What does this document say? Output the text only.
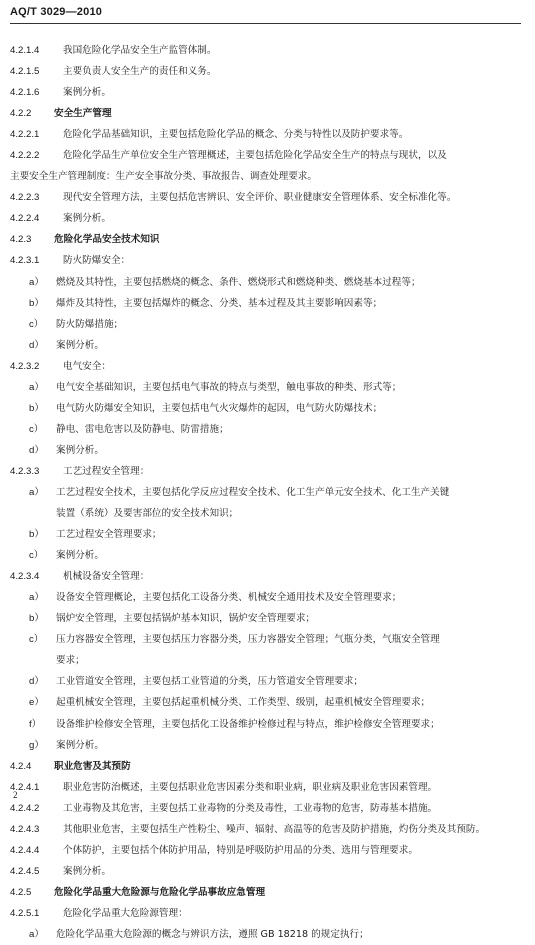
AQ/T 3029—2010
4.2.1.4 我国危险化学品安全生产监管体制。
4.2.1.5 主要负责人安全生产的责任和义务。
4.2.1.6 案例分析。
4.2.2 安全生产管理
4.2.2.1 危险化学品基础知识，主要包括危险化学品的概念、分类与特性以及防护要求等。
4.2.2.2 危险化学品生产单位安全生产管理概述，主要包括危险化学品安全生产的特点与现状，以及
主要安全生产管理制度：生产安全事故分类、事故报告、调查处理要求。
4.2.2.3 现代安全管理方法，主要包括危害辨识、安全评价、职业健康安全管理体系、安全标准化等。
4.2.2.4 案例分析。
4.2.3 危险化学品安全技术知识
4.2.3.1 防火防爆安全：
a） 燃烧及其特性，主要包括燃烧的概念、条件、燃烧形式和燃烧种类、燃烧基本过程等；
b） 爆炸及其特性，主要包括爆炸的概念、分类、基本过程及其主要影响因素等；
c） 防火防爆措施；
d） 案例分析。
4.2.3.2 电气安全：
a） 电气安全基础知识，主要包括电气事故的特点与类型，触电事故的种类、形式等；
b） 电气防火防爆安全知识，主要包括电气火灾爆炸的起因，电气防火防爆技术；
c） 静电、雷电危害以及防静电、防雷措施；
d） 案例分析。
4.2.3.3 工艺过程安全管理：
a） 工艺过程安全技术，主要包括化学反应过程安全技术、化工生产单元安全技术、化工生产关键
装置（系统）及要害部位的安全技术知识；
b） 工艺过程安全管理要求；
c） 案例分析。
4.2.3.4 机械设备安全管理：
a） 设备安全管理概论，主要包括化工设备分类、机械安全通用技术及安全管理要求；
b） 锅炉安全管理，主要包括锅炉基本知识，锅炉安全管理要求；
c） 压力容器安全管理，主要包括压力容器分类，压力容器安全管理；气瓶分类，气瓶安全管理
要求；
d） 工业管道安全管理，主要包括工业管道的分类，压力管道安全管理要求；
e） 起重机械安全管理，主要包括起重机械分类、工作类型、级别，起重机械安全管理要求；
f） 设备维护检修安全管理，主要包括化工设备维护检修过程与特点，维护检修安全管理要求；
g） 案例分析。
4.2.4 职业危害及其预防
4.2.4.1 职业危害防治概述，主要包括职业危害因素分类和职业病，职业病及职业危害因素管理。
4.2.4.2 工业毒物及其危害，主要包括工业毒物的分类及毒性，工业毒物的危害，防毒基本措施。
4.2.4.3 其他职业危害，主要包括生产性粉尘、噪声、辐射、高温等的危害及防护措施，灼伤分类及其预防。
4.2.4.4 个体防护，主要包括个体防护用品，特别是呼吸防护用品的分类、选用与管理要求。
4.2.4.5 案例分析。
4.2.5 危险化学品重大危险源与危险化学品事故应急管理
4.2.5.1 危险化学品重大危险源管理：
a） 危险化学品重大危险源的概念与辨识方法，遵照 GB 18218 的规定执行；
2
